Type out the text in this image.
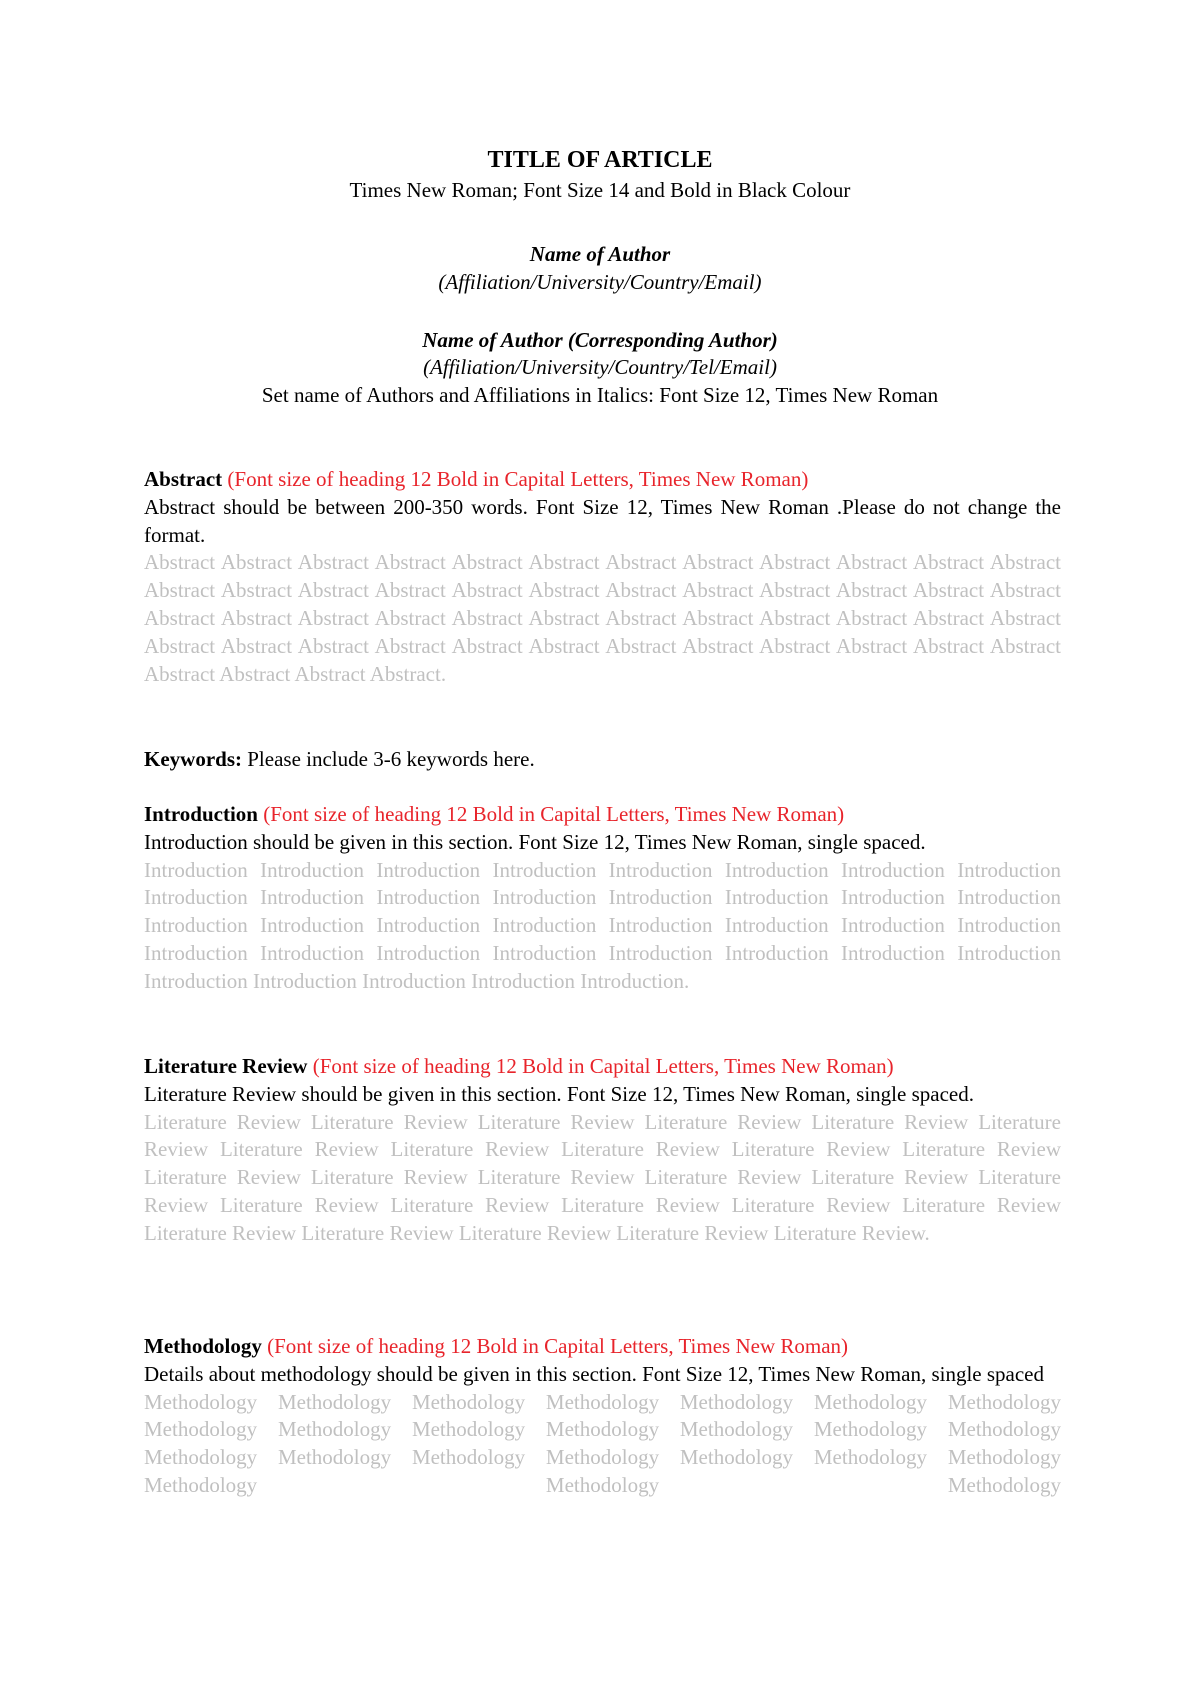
TITLE OF ARTICLE
Times New Roman; Font Size 14 and Bold in Black Colour
Name of Author
(Affiliation/University/Country/Email)
Name of Author (Corresponding Author)
(Affiliation/University/Country/Tel/Email)
Set name of Authors and Affiliations in Italics: Font Size 12, Times New Roman
Abstract (Font size of heading 12 Bold in Capital Letters, Times New Roman)
Abstract should be between 200-350 words. Font Size 12, Times New Roman .Please do not change the format.
Abstract Abstract Abstract Abstract Abstract Abstract Abstract Abstract Abstract Abstract Abstract Abstract Abstract Abstract Abstract Abstract Abstract Abstract Abstract Abstract Abstract Abstract Abstract Abstract Abstract Abstract Abstract Abstract Abstract Abstract Abstract Abstract Abstract Abstract Abstract Abstract Abstract Abstract Abstract Abstract Abstract Abstract Abstract Abstract Abstract Abstract Abstract Abstract Abstract Abstract Abstract Abstract.
Keywords: Please include 3-6 keywords here.
Introduction (Font size of heading 12 Bold in Capital Letters, Times New Roman)
Introduction should be given in this section. Font Size 12, Times New Roman, single spaced.
Introduction Introduction Introduction Introduction Introduction Introduction Introduction Introduction Introduction Introduction Introduction Introduction Introduction Introduction Introduction Introduction Introduction Introduction Introduction Introduction Introduction Introduction Introduction Introduction Introduction Introduction Introduction Introduction Introduction Introduction Introduction Introduction Introduction Introduction Introduction Introduction Introduction.
Literature Review (Font size of heading 12 Bold in Capital Letters, Times New Roman)
Literature Review should be given in this section. Font Size 12, Times New Roman, single spaced.
Literature Review Literature Review Literature Review Literature Review Literature Review Literature Review Literature Review Literature Review Literature Review Literature Review Literature Review Literature Review Literature Review Literature Review Literature Review Literature Review Literature Review Literature Review Literature Review Literature Review Literature Review Literature Review Literature Review Literature Review Literature Review Literature Review Literature Review.
Methodology (Font size of heading 12 Bold in Capital Letters, Times New Roman)
Details about methodology should be given in this section. Font Size 12, Times New Roman, single spaced
Methodology Methodology Methodology Methodology Methodology Methodology Methodology Methodology Methodology Methodology Methodology Methodology Methodology Methodology Methodology Methodology Methodology Methodology Methodology Methodology Methodology Methodology Methodology Methodology
